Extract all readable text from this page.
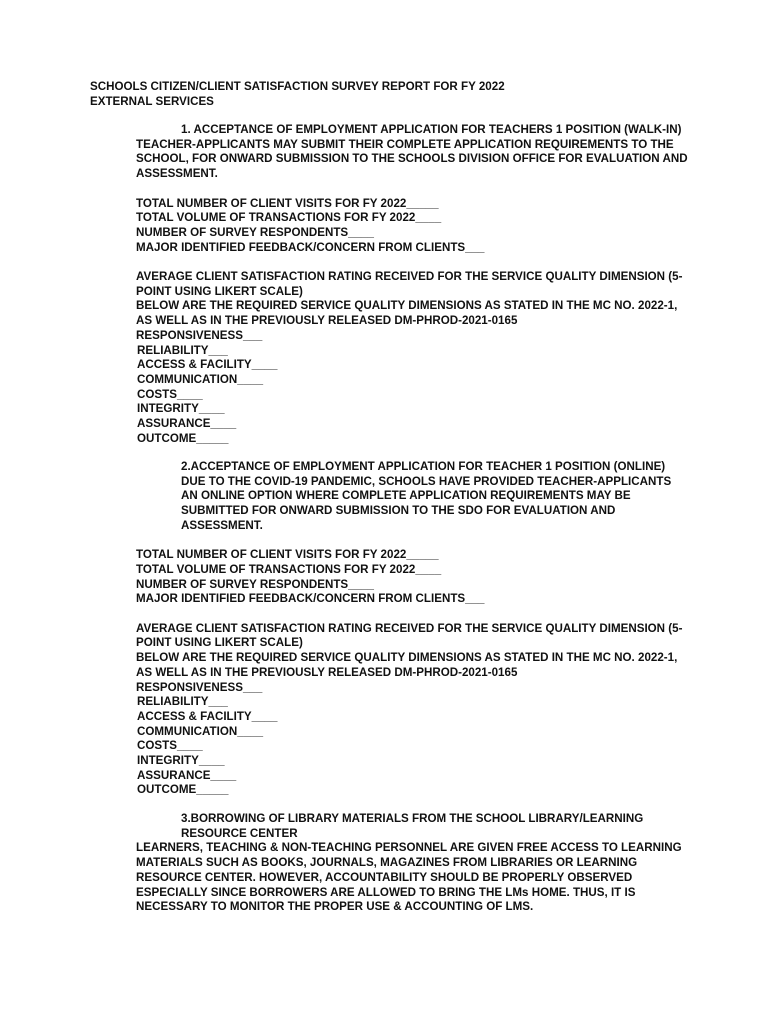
SCHOOLS CITIZEN/CLIENT SATISFACTION SURVEY REPORT FOR FY 2022
EXTERNAL SERVICES
1. ACCEPTANCE OF EMPLOYMENT APPLICATION FOR TEACHERS 1 POSITION (WALK-IN)
TEACHER-APPLICANTS MAY SUBMIT THEIR COMPLETE APPLICATION REQUIREMENTS TO THE SCHOOL, FOR ONWARD SUBMISSION TO THE SCHOOLS DIVISION OFFICE FOR EVALUATION AND ASSESSMENT.
TOTAL NUMBER OF CLIENT VISITS FOR FY 2022_____
TOTAL VOLUME OF TRANSACTIONS FOR FY 2022____
NUMBER OF SURVEY RESPONDENTS____
MAJOR IDENTIFIED FEEDBACK/CONCERN FROM CLIENTS___
AVERAGE CLIENT SATISFACTION RATING RECEIVED FOR THE SERVICE QUALITY DIMENSION (5-POINT USING LIKERT SCALE)
BELOW ARE THE REQUIRED SERVICE QUALITY DIMENSIONS AS STATED IN THE MC NO. 2022-1, AS WELL AS IN THE PREVIOUSLY RELEASED DM-PHROD-2021-0165
RESPONSIVENESS___
RELIABILITY___
ACCESS & FACILITY____
COMMUNICATION____
COSTS____
INTEGRITY____
ASSURANCE____
OUTCOME_____
2.ACCEPTANCE OF EMPLOYMENT APPLICATION FOR TEACHER 1 POSITION (ONLINE)
DUE TO THE COVID-19 PANDEMIC, SCHOOLS HAVE PROVIDED TEACHER-APPLICANTS
AN ONLINE OPTION WHERE COMPLETE APPLICATION REQUIREMENTS MAY BE
SUBMITTED FOR ONWARD SUBMISSION TO THE SDO FOR EVALUATION AND
ASSESSMENT.
TOTAL NUMBER OF CLIENT VISITS FOR FY 2022_____
TOTAL VOLUME OF TRANSACTIONS FOR FY 2022____
NUMBER OF SURVEY RESPONDENTS____
MAJOR IDENTIFIED FEEDBACK/CONCERN FROM CLIENTS___
AVERAGE CLIENT SATISFACTION RATING RECEIVED FOR THE SERVICE QUALITY DIMENSION (5-POINT USING LIKERT SCALE)
BELOW ARE THE REQUIRED SERVICE QUALITY DIMENSIONS AS STATED IN THE MC NO. 2022-1, AS WELL AS IN THE PREVIOUSLY RELEASED DM-PHROD-2021-0165
RESPONSIVENESS___
RELIABILITY___
ACCESS & FACILITY____
COMMUNICATION____
COSTS____
INTEGRITY____
ASSURANCE____
OUTCOME_____
3.BORROWING OF LIBRARY MATERIALS FROM THE SCHOOL LIBRARY/LEARNING
RESOURCE CENTER
LEARNERS, TEACHING & NON-TEACHING PERSONNEL ARE GIVEN FREE ACCESS TO LEARNING MATERIALS SUCH AS BOOKS, JOURNALS, MAGAZINES FROM LIBRARIES OR LEARNING RESOURCE CENTER. HOWEVER, ACCOUNTABILITY SHOULD BE PROPERLY OBSERVED ESPECIALLY SINCE BORROWERS ARE ALLOWED TO BRING THE LMs HOME. THUS, IT IS NECESSARY TO MONITOR THE PROPER USE & ACCOUNTING OF LMS.
